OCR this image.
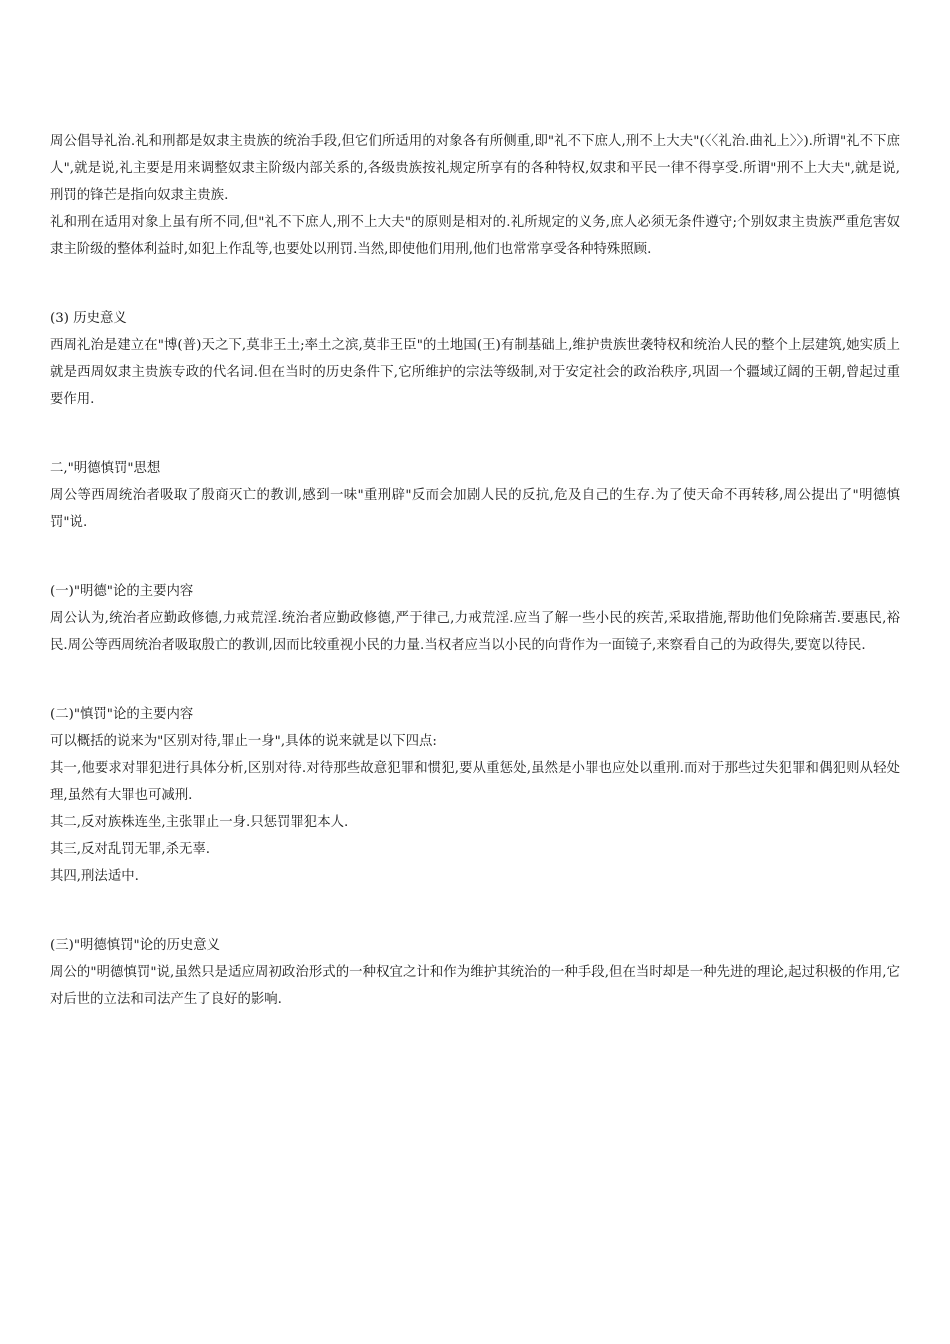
周公倡导礼治.礼和刑都是奴隶主贵族的统治手段,但它们所适用的对象各有所侧重,即"礼不下庶人,刑不上大夫"(〈〈礼治.曲礼上〉〉).所谓"礼不下庶人",就是说,礼主要是用来调整奴隶主阶级内部关系的,各级贵族按礼规定所享有的各种特权,奴隶和平民一律不得享受.所谓"刑不上大夫",就是说,刑罚的锋芒是指向奴隶主贵族.

礼和刑在适用对象上虽有所不同,但"礼不下庶人,刑不上大夫"的原则是相对的.礼所规定的义务,庶人必须无条件遵守;个别奴隶主贵族严重危害奴隶主阶级的整体利益时,如犯上作乱等,也要处以刑罚.当然,即使他们用刑,他们也常常享受各种特殊照顾.

(3) 历史意义

西周礼治是建立在"博(普)天之下,莫非王土;率土之滨,莫非王臣"的土地国(王)有制基础上,维护贵族世袭特权和统治人民的整个上层建筑,她实质上就是西周奴隶主贵族专政的代名词.但在当时的历史条件下,它所维护的宗法等级制,对于安定社会的政治秩序,巩固一个疆域辽阔的王朝,曾起过重要作用.

二,"明德慎罚"思想

周公等西周统治者吸取了殷商灭亡的教训,感到一味"重刑辟"反而会加剧人民的反抗,危及自己的生存.为了使天命不再转移,周公提出了"明德慎罚"说.

(一)"明德"论的主要内容

周公认为,统治者应勤政修德,力戒荒淫.统治者应勤政修德,严于律己,力戒荒淫.应当了解一些小民的疾苦,采取措施,帮助他们免除痛苦.要惠民,裕民.周公等西周统治者吸取殷亡的教训,因而比较重视小民的力量.当权者应当以小民的向背作为一面镜子,来察看自己的为政得失,要宽以待民.

(二)"慎罚"论的主要内容

可以概括的说来为"区别对待,罪止一身",具体的说来就是以下四点:

其一,他要求对罪犯进行具体分析,区别对待.对待那些故意犯罪和惯犯,要从重惩处,虽然是小罪也应处以重刑.而对于那些过失犯罪和偶犯则从轻处理,虽然有大罪也可减刑.

其二,反对族株连坐,主张罪止一身.只惩罚罪犯本人.

其三,反对乱罚无罪,杀无辜.

其四,刑法适中.

(三)"明德慎罚"论的历史意义

周公的"明德慎罚"说,虽然只是适应周初政治形式的一种权宜之计和作为维护其统治的一种手段,但在当时却是一种先进的理论,起过积极的作用,它对后世的立法和司法产生了良好的影响.
